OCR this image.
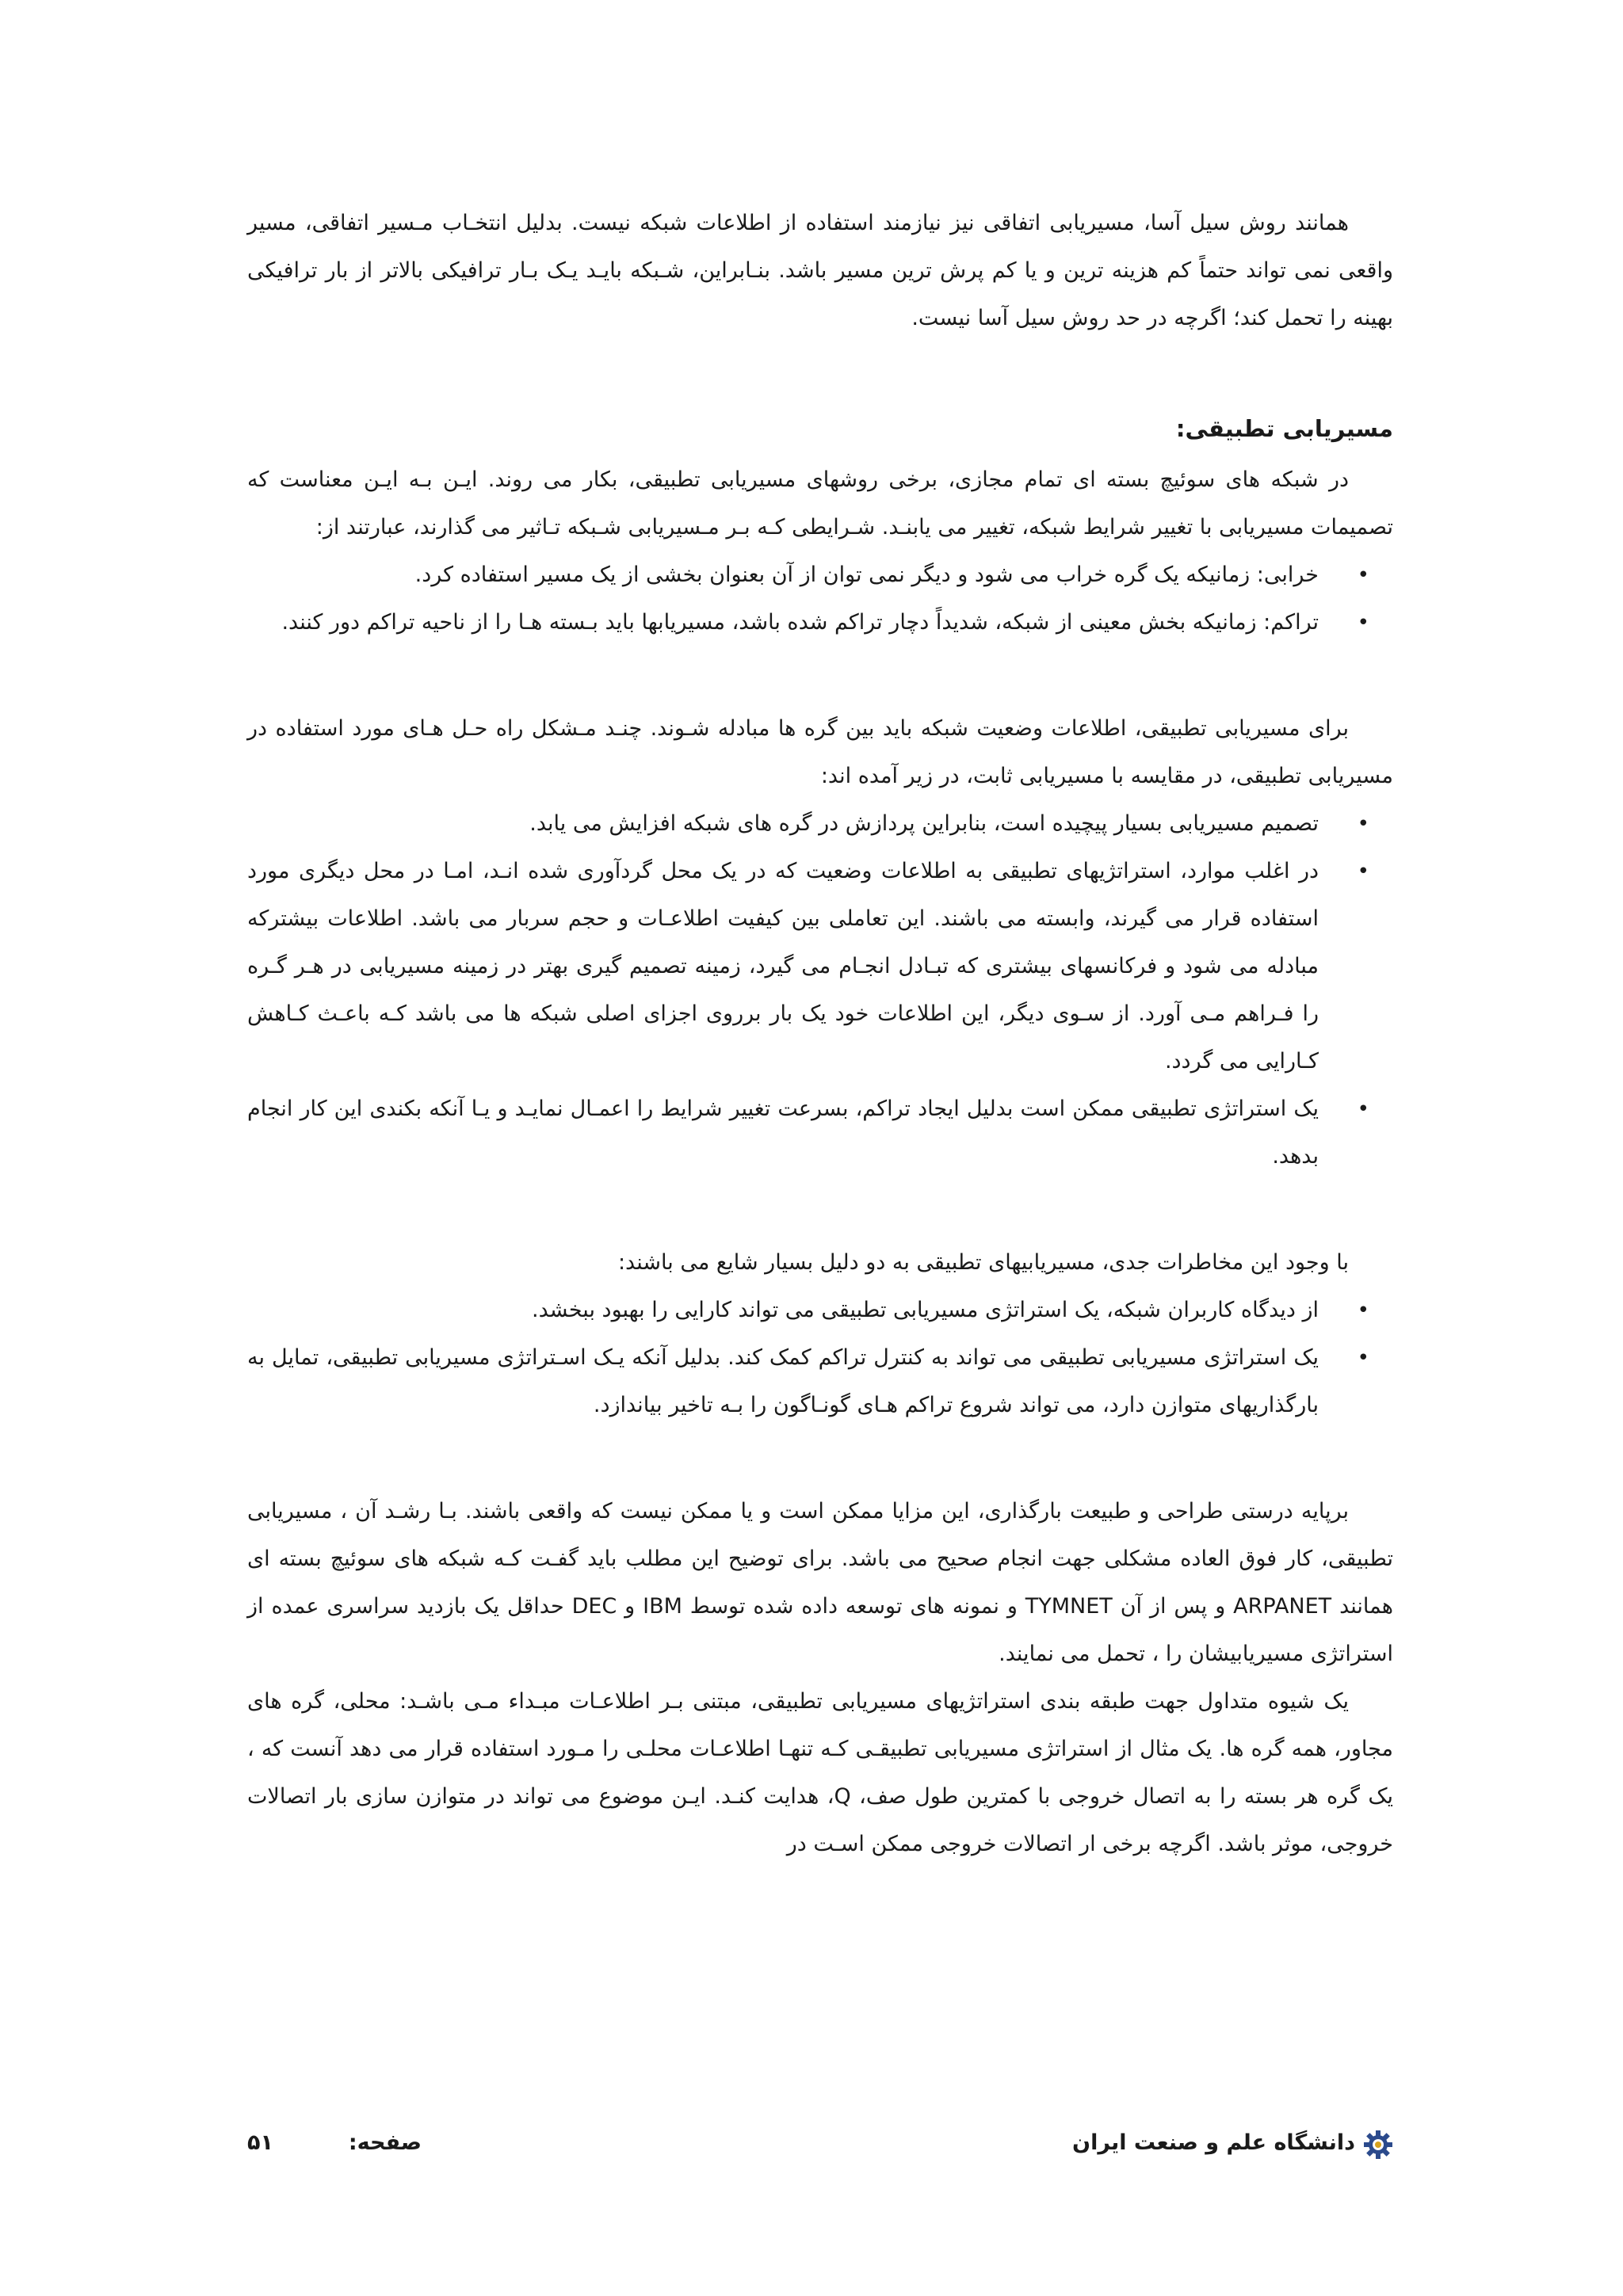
همانند روش سیل آسا، مسیریابی اتفاقی نیز نیازمند استفاده از اطلاعات شبکه نیست. بدلیل انتخـاب مـسیر اتفاقی، مسیر واقعی نمی تواند حتماً کم هزینه ترین و یا کم پرش ترین مسیر باشد. بنـابراین، شـبکه بایـد یـک بـار ترافیکی بالاتر از بار ترافیکی بهینه را تحمل کند؛ اگرچه در حد روش سیل آسا نیست.

مسیریابی تطبیقی:

در شبکه های سوئیچ بسته ای تمام مجازی، برخی روشهای مسیریابی تطبیقی، بکار می روند. ایـن بـه ایـن معناست که تصمیمات مسیریابی با تغییر شرایط شبکه، تغییر می یابنـد. شـرایطی کـه بـر مـسیریابی شـبکه تـاثیر می گذارند، عبارتند از:

• خرابی: زمانیکه یک گره خراب می شود و دیگر نمی توان از آن بعنوان بخشی از یک مسیر استفاده کرد.
• تراکم: زمانیکه بخش معینی از شبکه، شدیداً دچار تراکم شده باشد، مسیریابها باید بـسته هـا را از ناحیه تراکم دور کنند.

برای مسیریابی تطبیقی، اطلاعات وضعیت شبکه باید بین گره ها مبادله شـوند. چنـد مـشکل راه حـل هـای مورد استفاده در مسیریابی تطبیقی، در مقایسه با مسیریابی ثابت، در زیر آمده اند:

• تصمیم مسیریابی بسیار پیچیده است، بنابراین پردازش در گره های شبکه افزایش می یابد.
• در اغلب موارد، استراتژیهای تطبیقی به اطلاعات وضعیت که در یک محل گردآوری شده انـد، امـا در محل دیگری مورد استفاده قرار می گیرند، وابسته می باشند. این تعاملی بین کیفیت اطلاعـات و حجم سربار می باشد. اطلاعات بیشترکه مبادله می شود و فرکانسهای بیشتری که تبـادل انجـام می گیرد، زمینه تصمیم گیری بهتر در زمینه مسیریابی در هـر گـره را فـراهم مـی آورد. از سـوی دیگر، این اطلاعات خود یک بار برروی اجزای اصلی شبکه ها می باشد کـه باعـث کـاهش کـارایی می گردد.
• یک استراتژی تطبیقی ممکن است بدلیل ایجاد تراکم، بسرعت تغییر شرایط را اعمـال نمایـد و یـا آنکه بکندی این کار انجام بدهد.

با وجود این مخاطرات جدی، مسیریابیهای تطبیقی به دو دلیل بسیار شایع می باشند:

• از دیدگاه کاربران شبکه، یک استراتژی مسیریابی تطبیقی می تواند کارایی را بهبود ببخشد.
• یک استراتژی مسیریابی تطبیقی می تواند به کنترل تراکم کمک کند. بدلیل آنکه یـک اسـتراتژی مسیریابی تطبیقی، تمایل به بارگذاریهای متوازن دارد، می تواند شروع تراکم هـای گونـاگون را بـه تاخیر بیاندازد.

برپایه درستی طراحی و طبیعت بارگذاری، این مزایا ممکن است و یا ممکن نیست که واقعی باشند. بـا رشـد آن ، مسیریابی تطبیقی، کار فوق العاده مشکلی جهت انجام صحیح می باشد. برای توضیح این مطلب باید گفـت کـه شبکه های سوئیچ بسته ای همانند ARPANET و پس از آن TYMNET و نمونه های توسعه داده شده توسط IBM و DEC حداقل یک بازدید سراسری عمده از استراتژی مسیریابیشان را ، تحمل می نمایند.

یک شیوه متداول جهت طبقه بندی استراتژیهای مسیریابی تطبیقی، مبتنی بـر اطلاعـات مبـداء مـی باشـد: محلی، گره های مجاور، همه گره ها. یک مثال از استراتژی مسیریابی تطبیقـی کـه تنهـا اطلاعـات محلـی را مـورد استفاده قرار می دهد آنست که ، یک گره هر بسته را به اتصال خروجی با کمترین طول صف، Q، هدایت کنـد. ایـن موضوع می تواند در متوازن سازی بار اتصالات خروجی، موثر باشد. اگرچه برخی ار اتصالات خروجی ممکن اسـت در

دانشگاه علم و صنعت ایران
صفحه:
۵۱
